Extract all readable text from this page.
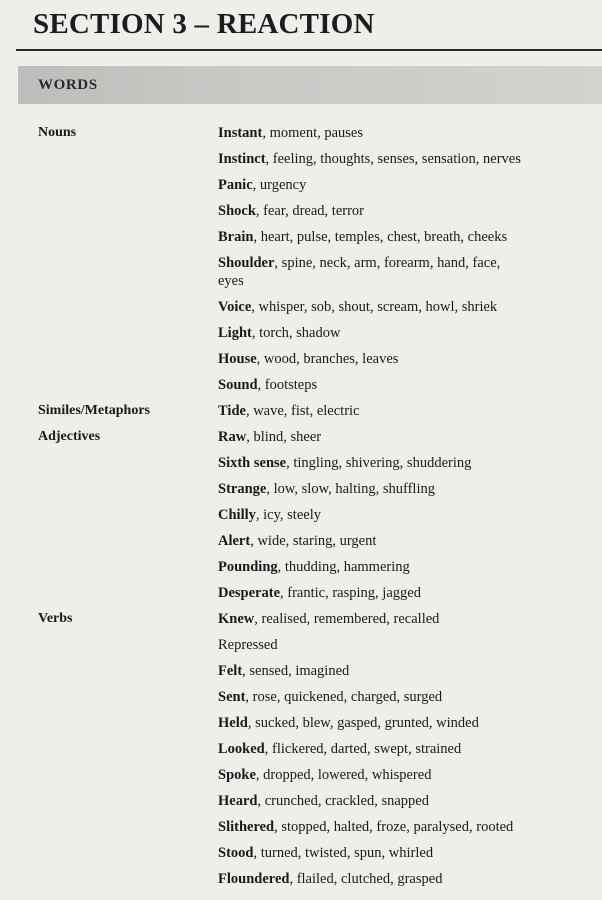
SECTION 3 – REACTION
WORDS
Nouns	Instant, moment, pauses
Instinct, feeling, thoughts, senses, sensation, nerves
Panic, urgency
Shock, fear, dread, terror
Brain, heart, pulse, temples, chest, breath, cheeks
Shoulder, spine, neck, arm, forearm, hand, face, eyes
Voice, whisper, sob, shout, scream, howl, shriek
Light, torch, shadow
House, wood, branches, leaves
Sound, footsteps
Similes/Metaphors	Tide, wave, fist, electric
Adjectives	Raw, blind, sheer
Sixth sense, tingling, shivering, shuddering
Strange, low, slow, halting, shuffling
Chilly, icy, steely
Alert, wide, staring, urgent
Pounding, thudding, hammering
Desperate, frantic, rasping, jagged
Verbs	Knew, realised, remembered, recalled
Repressed
Felt, sensed, imagined
Sent, rose, quickened, charged, surged
Held, sucked, blew, gasped, grunted, winded
Looked, flickered, darted, swept, strained
Spoke, dropped, lowered, whispered
Heard, crunched, crackled, snapped
Slithered, stopped, halted, froze, paralysed, rooted
Stood, turned, twisted, spun, whirled
Floundered, flailed, clutched, grasped
